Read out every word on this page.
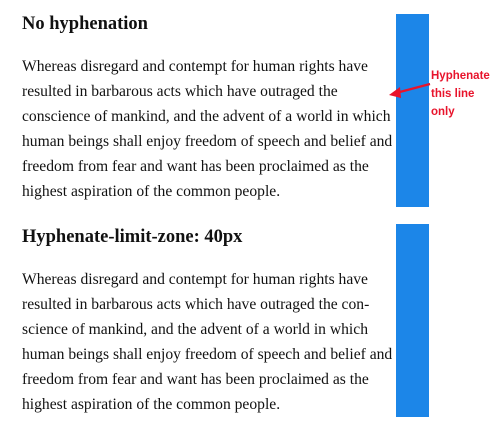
No hyphenation
Whereas disregard and contempt for human rights have
resulted in barbarous acts which have outraged the
conscience of mankind, and the advent of a world in which
human beings shall enjoy freedom of speech and belief and
freedom from fear and want has been proclaimed as the
highest aspiration of the common people.
Hyphenate-limit-zone: 40px
Whereas disregard and contempt for human rights have
resulted in barbarous acts which have outraged the con-
science of mankind, and the advent of a world in which
human beings shall enjoy freedom of speech and belief and
freedom from fear and want has been proclaimed as the
highest aspiration of the common people.
Hyphenate
this line
only
